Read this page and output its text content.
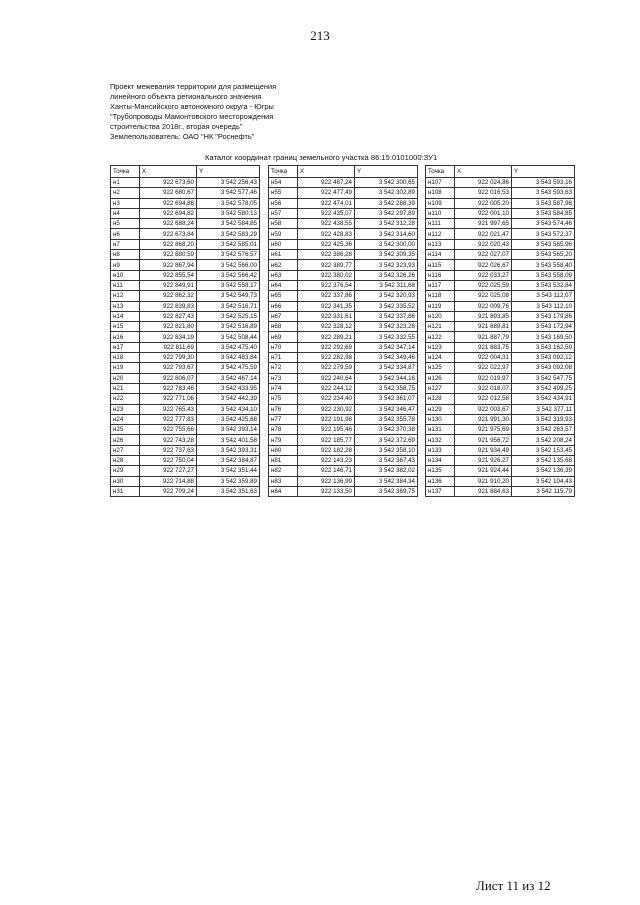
213
Проект межевания территории для размещения
линейного объекта регионального значения
Ханты-Мансийского автономного округа - Югры
"Трубопроводы Мамонтовского месторождения
строительства 2018г., вторая очередь"
Землепользователь: ОАО "НК "Роснефть"
Каталог координат границ земельного участка 86:15:0101000:ЗУ1
Точка	X	Y
н1	922 673,60	3 542 256,43
н2	922 680,67	3 542 577,46
н3	922 694,88	3 542 578,05
н4	922 694,82	3 542 580,13
н5	922 688,24	3 542 584,85
н6	922 673,84	3 542 583,29
н7	922 868,20	3 542 585,01
н8	922 880,59	3 542 576,57
н9	922 867,94	3 542 566,00
н10	922 855,54	3 542 566,42
н11	922 849,91	3 542 558,17
н12	922 862,32	3 542 549,73
н13	922 839,83	3 542 516,71
н14	922 827,43	3 542 525,15
н15	922 821,80	3 542 516,89
н16	922 834,19	3 542 508,44
н17	922 811,69	3 542 475,40
н18	922 799,30	3 542 483,84
н19	922 793,67	3 542 475,59
н20	922 806,07	3 542 467,14
н21	922 783,46	3 542 433,95
н22	922 771,06	3 542 442,39
н23	922 765,43	3 542 434,10
н24	922 777,83	3 542 425,68
н25	922 755,66	3 542 393,14
н26	922 743,28	3 542 401,58
н27	922 737,63	3 542 393,31
н28	922 750,04	3 542 384,87
н29	922 727,27	3 542 351,44
н30	922 714,88	3 542 359,89
н31	922 709,24	3 542 351,63
Точка	X	Y
н54	922 487,24	3 542 300,65
н55	922 477,49	3 542 302,89
н56	922 474,01	3 542 288,39
н57	922 435,07	3 542 297,89
н58	922 438,55	3 542 312,28
н59	922 428,83	3 542 314,60
н60	922 425,36	3 542 300,00
н61	922 386,28	3 542 309,35
н62	922 389,77	3 542 323,93
н63	922 380,02	3 542 326,26
н64	922 376,54	3 542 311,68
н65	922 337,86	3 542 320,93
н66	922 341,35	3 542 335,52
н67	922 331,61	3 542 337,86
н68	922 328,12	3 542 323,26
н69	922 289,21	3 542 332,55
н70	922 292,69	3 542 347,14
н71	922 282,98	3 542 349,46
н72	922 279,59	3 542 334,87
н73	922 240,64	3 542 344,16
н74	922 244,12	3 542 358,75
н75	922 234,40	3 542 361,07
н76	922 230,92	3 542 346,47
н77	922 191,98	3 542 355,78
н78	922 195,46	3 542 370,38
н79	922 185,77	3 542 372,69
н80	922 182,28	3 542 358,10
н81	922 143,23	3 542 367,43
н82	922 146,71	3 542 382,02
н83	922 136,99	3 542 384,34
н84	922 133,50	3 542 369,75
Точка	X	Y
н107	922 024,86	3 543 593,16
н108	922 016,53	3 543 593,63
н109	922 005,20	3 543 587,98
н110	922 001,10	3 543 584,85
н111	921 997,65	3 543 574,46
н112	922 021,47	3 543 572,37
н113	922 020,43	3 543 565,96
н114	922 027,07	3 543 565,20
н115	922 026,67	3 543 558,40
н116	922 033,27	3 543 558,09
н117	922 025,59	3 543 532,84
н118	922 025,08	3 543 112,07
н119	922 009,76	3 543 112,10
н120	921 893,85	3 543 179,86
н121	921 889,81	3 543 172,94
н122	921 887,79	3 543 169,50
н123	921 883,75	3 543 162,59
н124	922 004,31	3 543 092,12
н125	922 022,97	3 543 092,08
н126	922 019,97	3 542 547,75
н127	922 018,07	3 542 499,25
н128	922 012,58	3 542 434,91
н129	922 003,67	3 542 377,11
н130	921 991,30	3 542 319,93
н131	921 975,69	3 542 263,57
н132	921 956,72	3 542 208,24
н133	921 934,49	3 542 153,45
н134	921 926,27	3 542 135,68
н135	921 924,44	3 542 136,39
н136	921 910,20	3 542 104,43
н137	921 884,63	3 542 115,79
Лист 11 из 12
